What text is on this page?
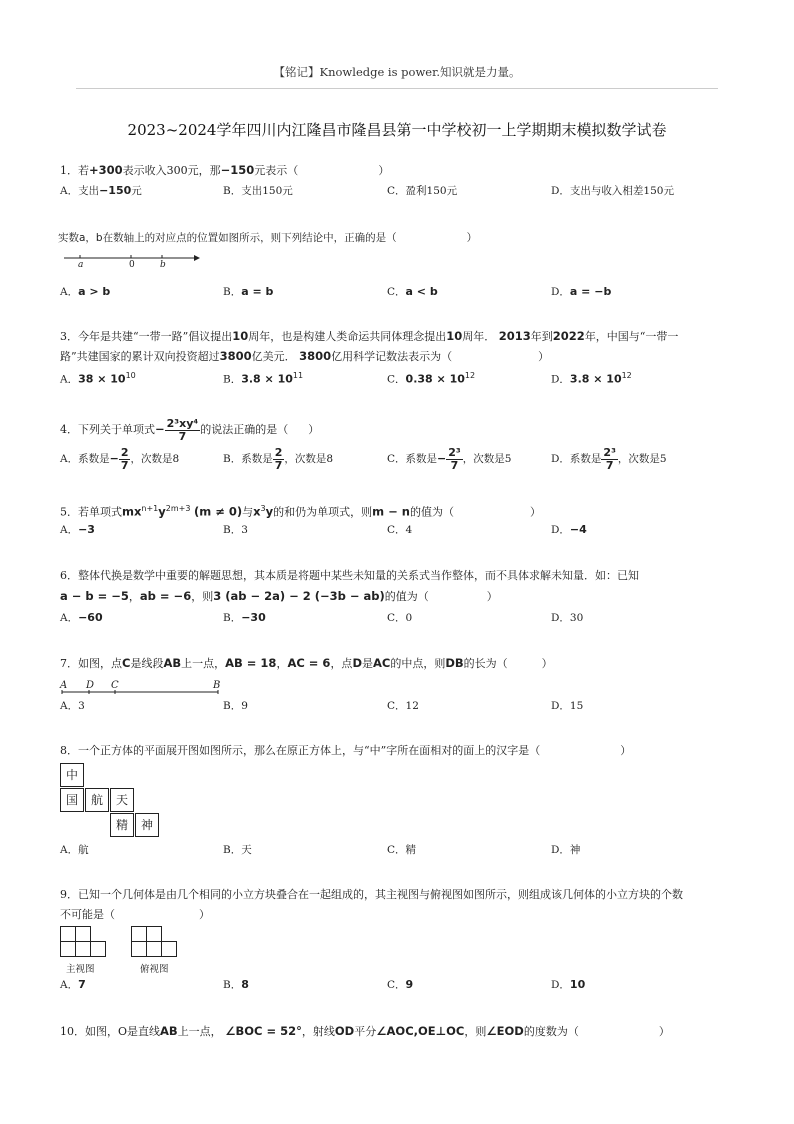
【铭记】Knowledge is power.知识就是力量。
2023~2024学年四川内江隆昌市隆昌县第一中学校初一上学期期末模拟数学试卷
1．若+300表示收入300元，那−150元表示（	）
A．支出−150元	B．支出150元	C．盈利150元	D．支出与收入相差150元
实数a，b在数轴上的对应点的位置如图所示，则下列结论中，正确的是（	）
a	0	b
A．a > b	B．a = b	C．a < b	D．a = −b
3．今年是共建“一带一路”倡议提出10周年，也是构建人类命运共同体理念提出10周年． 2013年到2022年，中国与“一带一
路”共建国家的累计双向投资超过3800亿美元． 3800亿用科学记数法表示为（	）
A．$38 \times 10^{10}$	B．$3.8 \times 10^{11}$	C．$0.38 \times 10^{12}$	D．$3.8 \times 10^{12}$
4．下列关于单项式− $\frac{\text{2³xy⁴}}{7}$ 的说法正确的是（ ）
A．系数是− $\frac{2}{7}$ ，次数是8	B．系数是 $\frac{2}{7}$ ，次数是8	C．系数是− $\frac{\text{2³}}{7}$ ，次数是5	D．系数是 $\frac{\text{2³}}{7}$ ，次数是5
5．若单项式$mx^{n+1}y^{2m+3}$ (m ≠ 0)与$x^3y$的和仍为单项式，则m − n的值为（	）
A．−3	B．3	C．4	D．−4
6．整体代换是数学中重要的解题思想，其本质是将题中某些未知量的关系式当作整体，而不具体求解未知量．如：已知
a − b = −5，ab = −6，则3 (ab − 2a) − 2 (−3b − ab)的值为（	）
A．−60	B．−30	C．0	D．30
7．如图，点C是线段AB上一点，AB = 18，AC = 6，点D是AC的中点，则DB的长为（	）
A D C	B
A．3	B．9	C．12	D．15
8．一个正方体的平面展开图如图所示，那么在原正方体上，与“中”字所在面相对的面上的汉字是（	）
中
国	航	天
精	神
A．航	B．天	C．精	D．神
9．已知一个几何体是由几个相同的小立方块叠合在一起组成的，其主视图与俯视图如图所示，则组成该几何体的小立方块的个数
不可能是（	）
主视图	俯视图
A．7	B．8	C．9	D．10
10．如图，O是直线AB上一点， ∠BOC = 52°，射线OD平分∠AOC,OE⊥OC，则∠EOD的度数为（	）
